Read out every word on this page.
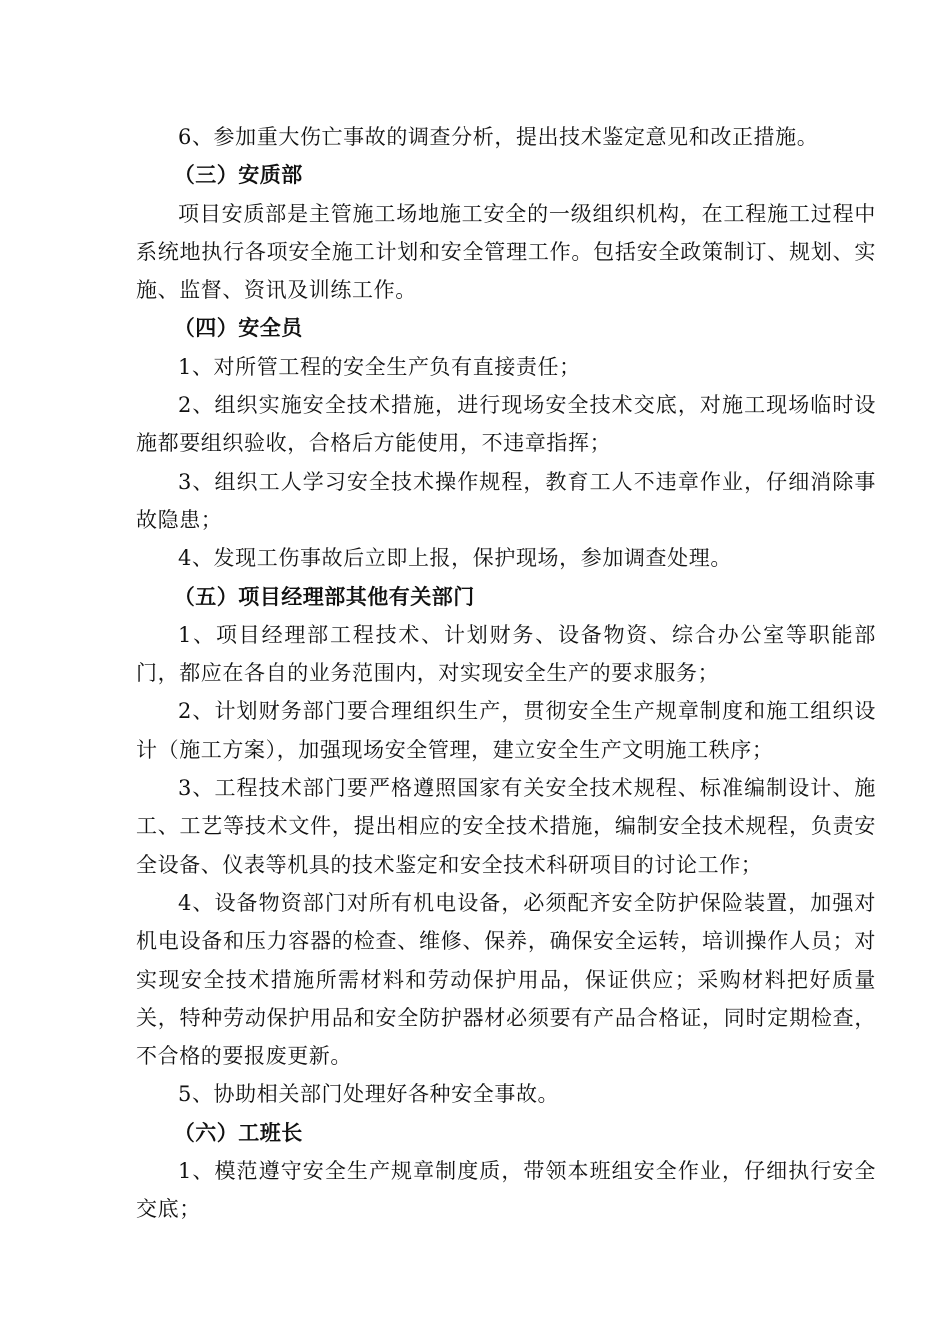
6、参加重大伤亡事故的调查分析，提出技术鉴定意见和改正措施。

（三）安质部

项目安质部是主管施工场地施工安全的一级组织机构，在工程施工过程中系统地执行各项安全施工计划和安全管理工作。包括安全政策制订、规划、实施、监督、资讯及训练工作。

（四）安全员

1、对所管工程的安全生产负有直接责任；

2、组织实施安全技术措施，进行现场安全技术交底，对施工现场临时设施都要组织验收，合格后方能使用，不违章指挥；

3、组织工人学习安全技术操作规程，教育工人不违章作业，仔细消除事故隐患；

4、发现工伤事故后立即上报，保护现场，参加调查处理。

（五）项目经理部其他有关部门

1、项目经理部工程技术、计划财务、设备物资、综合办公室等职能部门，都应在各自的业务范围内，对实现安全生产的要求服务；

2、计划财务部门要合理组织生产，贯彻安全生产规章制度和施工组织设计（施工方案），加强现场安全管理，建立安全生产文明施工秩序；

3、工程技术部门要严格遵照国家有关安全技术规程、标准编制设计、施工、工艺等技术文件，提出相应的安全技术措施，编制安全技术规程，负责安全设备、仪表等机具的技术鉴定和安全技术科研项目的讨论工作；

4、设备物资部门对所有机电设备，必须配齐安全防护保险装置，加强对机电设备和压力容器的检查、维修、保养，确保安全运转，培训操作人员；对实现安全技术措施所需材料和劳动保护用品，保证供应；采购材料把好质量关，特种劳动保护用品和安全防护器材必须要有产品合格证，同时定期检查，不合格的要报废更新。

5、协助相关部门处理好各种安全事故。

（六）工班长

1、模范遵守安全生产规章制度质，带领本班组安全作业，仔细执行安全交底；
